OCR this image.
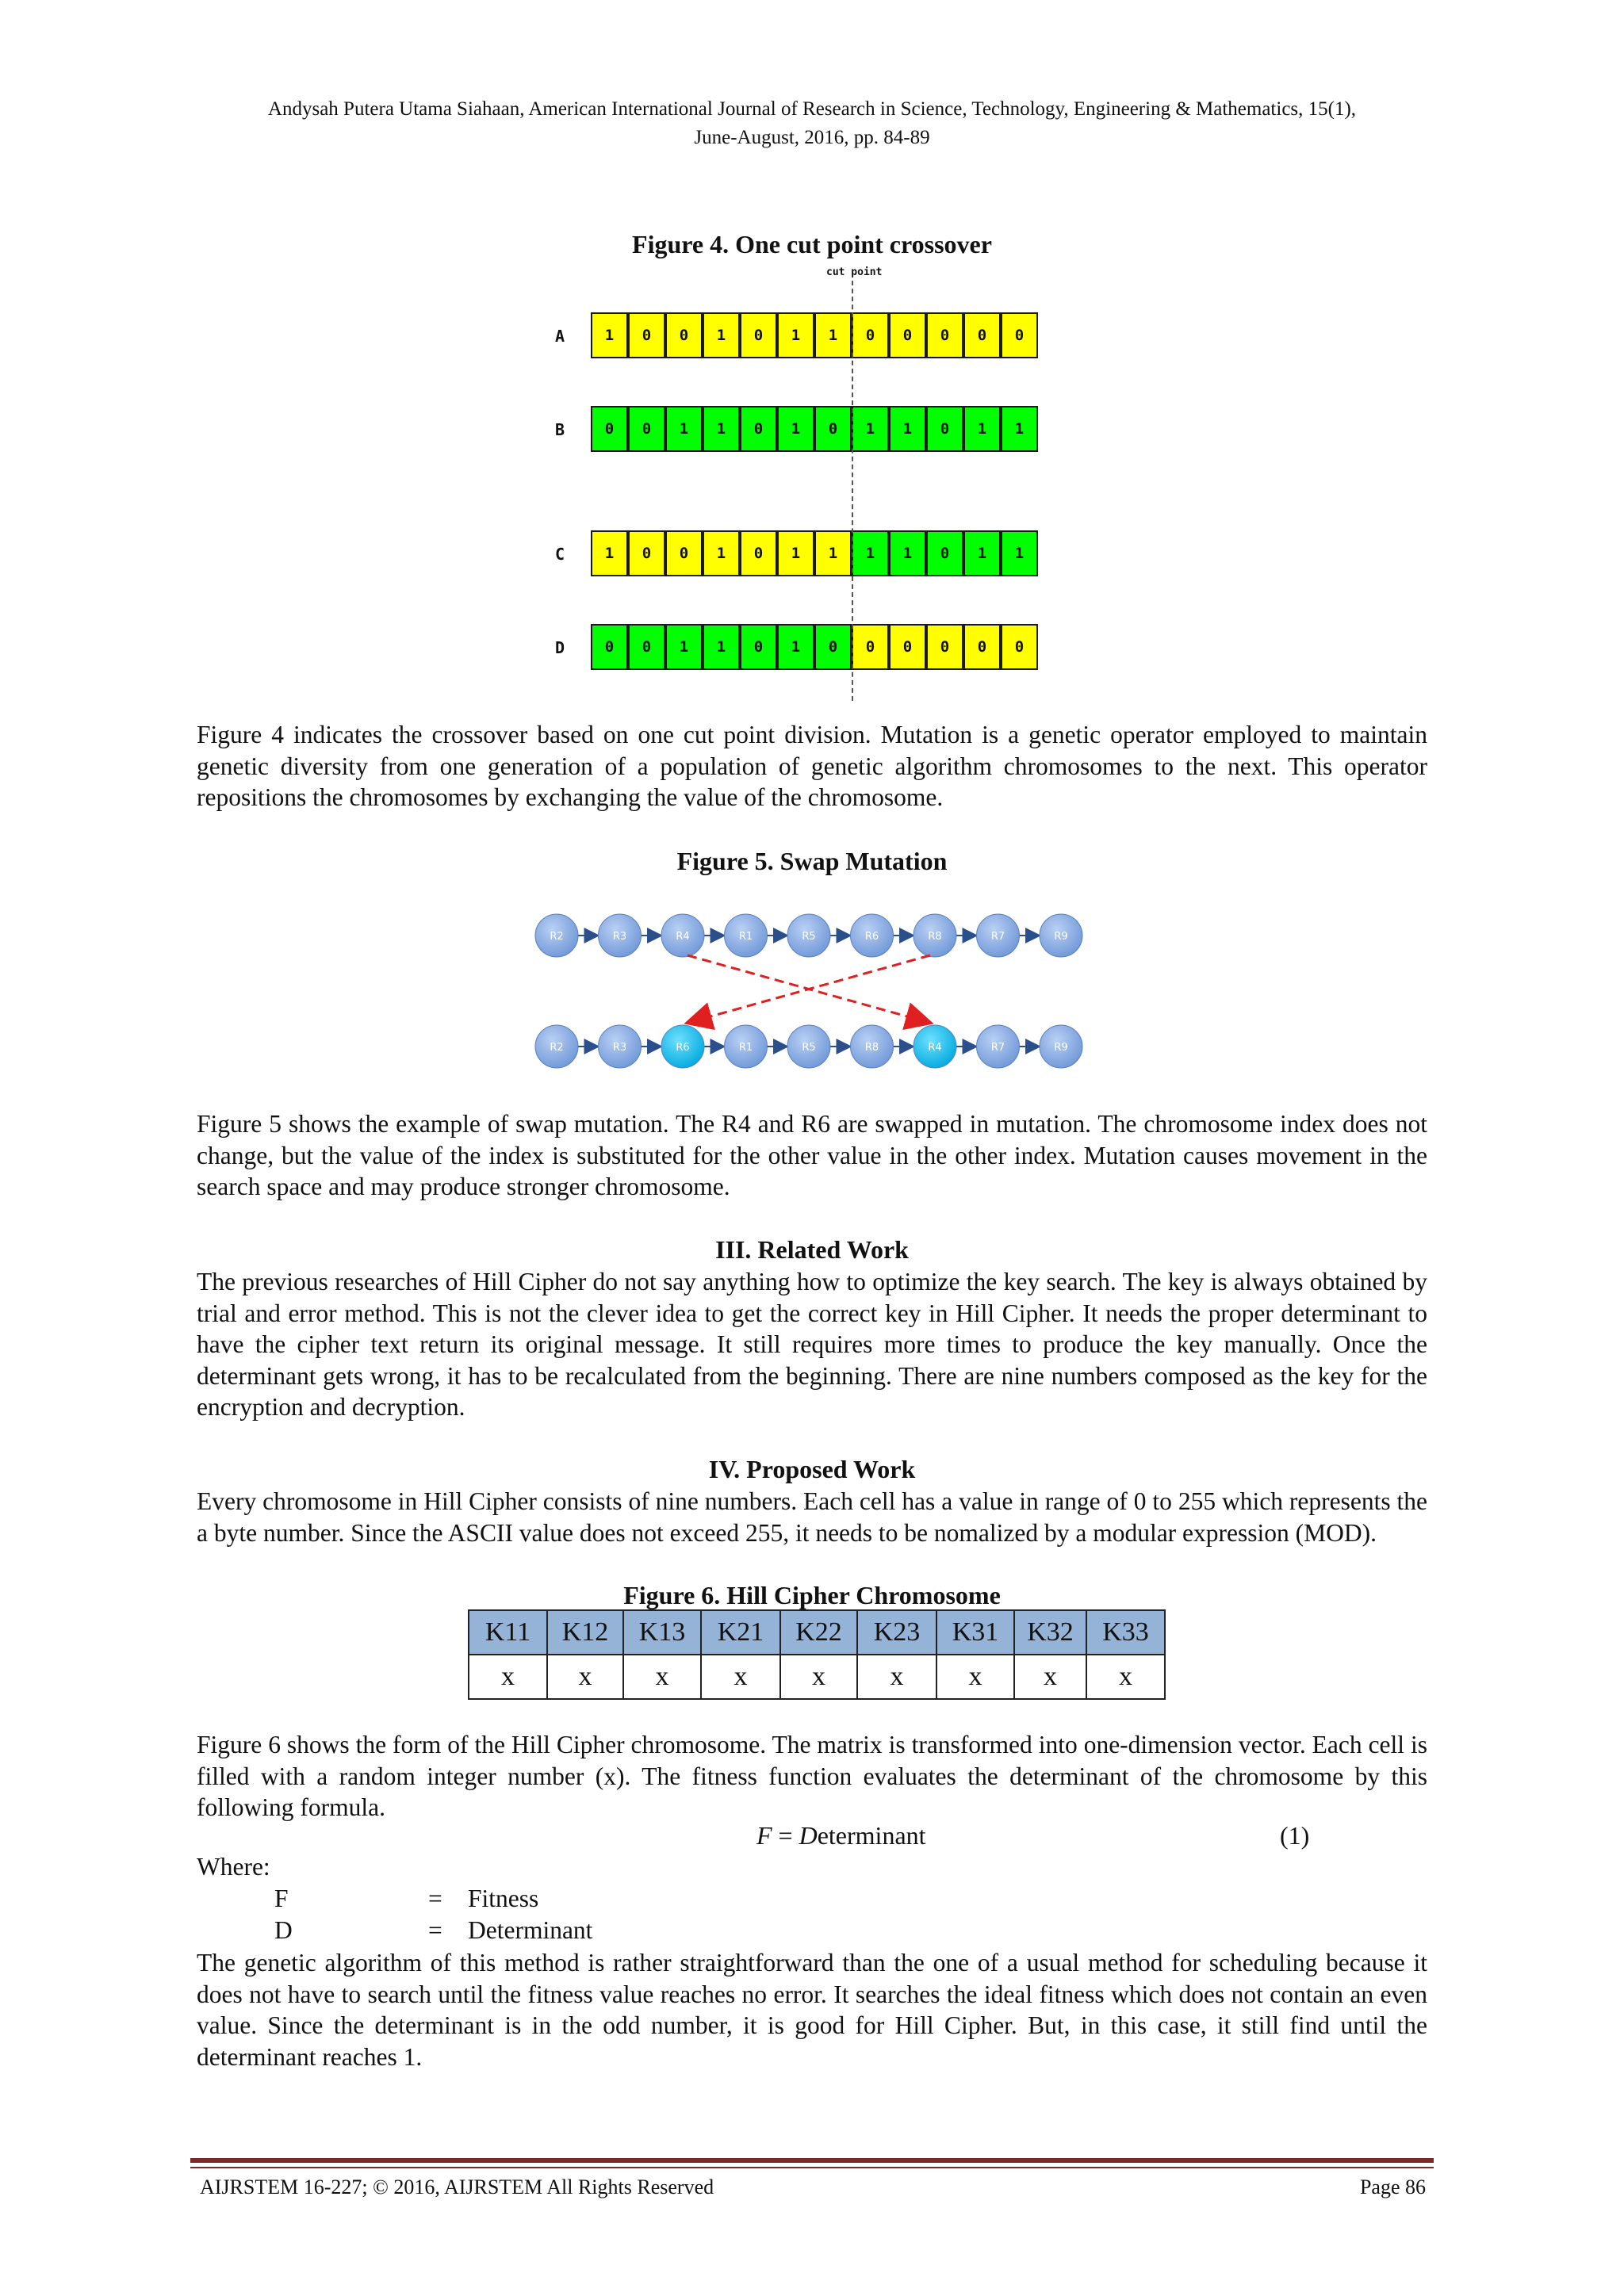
Andysah Putera Utama Siahaan, American International Journal of Research in Science, Technology, Engineering & Mathematics, 15(1),
June-August, 2016, pp. 84-89
Figure 4. One cut point crossover
cut point
A	1	0	0	1	0	1	1	0	0	0	0	0
B	0	0	1	1	0	1	0	1	1	0	1	1
C	1	0	0	1	0	1	1	1	1	0	1	1
D	0	0	1	1	0	1	0	0	0	0	0	0

Figure 4 indicates the crossover based on one cut point division. Mutation is a genetic operator employed to maintain genetic diversity from one generation of a population of genetic algorithm chromosomes to the next. This operator repositions the chromosomes by exchanging the value of the chromosome.

Figure 5. Swap Mutation
R2	R3	R4	R1	R5	R6	R8	R7	R9
R2	R3	R6	R1	R5	R8	R4	R7	R9

Figure 5 shows the example of swap mutation. The R4 and R6 are swapped in mutation. The chromosome index does not change, but the value of the index is substituted for the other value in the other index. Mutation causes movement in the search space and may produce stronger chromosome.

III. Related Work

The previous researches of Hill Cipher do not say anything how to optimize the key search. The key is always obtained by trial and error method. This is not the clever idea to get the correct key in Hill Cipher. It needs the proper determinant to have the cipher text return its original message. It still requires more times to produce the key manually. Once the determinant gets wrong, it has to be recalculated from the beginning. There are nine numbers composed as the key for the encryption and decryption.

IV. Proposed Work

Every chromosome in Hill Cipher consists of nine numbers. Each cell has a value in range of 0 to 255 which represents the a byte number. Since the ASCII value does not exceed 255, it needs to be nomalized by a modular expression (MOD).

Figure 6. Hill Cipher Chromosome
K11	K12	K13	K21	K22	K23	K31	K32	K33
x	x	x	x	x	x	x	x	x

Figure 6 shows the form of the Hill Cipher chromosome. The matrix is transformed into one-dimension vector. Each cell is filled with a random integer number (x). The fitness function evaluates the determinant of the chromosome by this following formula.

F = Determinant	(1)
Where:
F	= Fitness
D	= Determinant

The genetic algorithm of this method is rather straightforward than the one of a usual method for scheduling because it does not have to search until the fitness value reaches no error. It searches the ideal fitness which does not contain an even value. Since the determinant is in the odd number, it is good for Hill Cipher. But, in this case, it still find until the determinant reaches 1.

AIJRSTEM 16-227; © 2016, AIJRSTEM All Rights Reserved	Page 86
